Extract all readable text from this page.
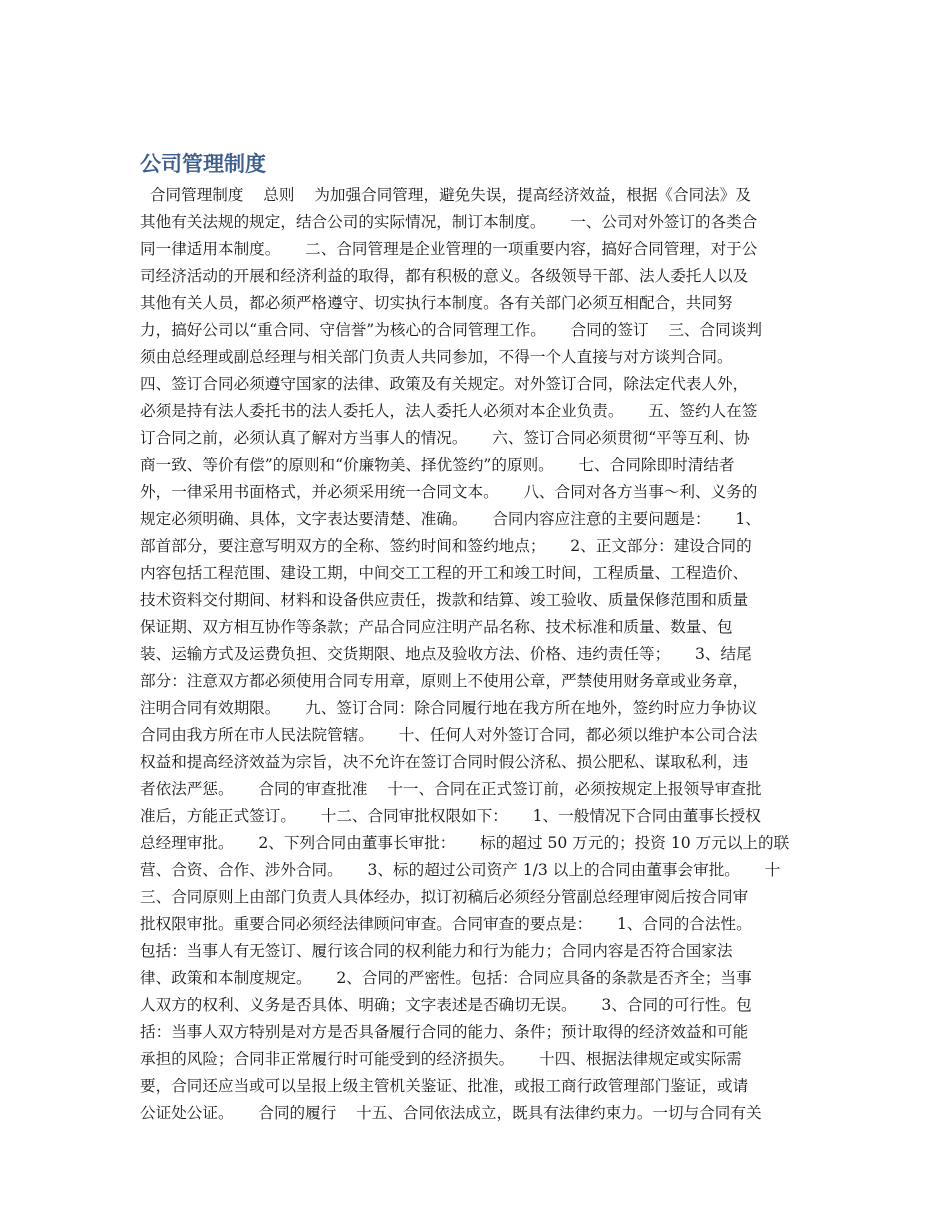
公司管理制度
合同管理制度    总则    为加强合同管理，避免失误，提高经济效益，根据《合同法》及
其他有关法规的规定，结合公司的实际情况，制订本制度。     一、公司对外签订的各类合
同一律适用本制度。     二、合同管理是企业管理的一项重要内容，搞好合同管理，对于公
司经济活动的开展和经济利益的取得，都有积极的意义。各级领导干部、法人委托人以及
其他有关人员，都必须严格遵守、切实执行本制度。各有关部门必须互相配合，共同努
力，搞好公司以“重合同、守信誉”为核心的合同管理工作。     合同的签订    三、合同谈判
须由总经理或副总经理与相关部门负责人共同参加，不得一个人直接与对方谈判合同。
四、签订合同必须遵守国家的法律、政策及有关规定。对外签订合同，除法定代表人外，
必须是持有法人委托书的法人委托人，法人委托人必须对本企业负责。     五、签约人在签
订合同之前，必须认真了解对方当事人的情况。     六、签订合同必须贯彻“平等互利、协
商一致、等价有偿”的原则和“价廉物美、择优签约”的原则。     七、合同除即时清结者
外，一律采用书面格式，并必须采用统一合同文本。     八、合同对各方当事～利、义务的
规定必须明确、具体，文字表达要清楚、准确。     合同内容应注意的主要问题是：     1、
部首部分，要注意写明双方的全称、签约时间和签约地点；     2、正文部分：建设合同的
内容包括工程范围、建设工期，中间交工工程的开工和竣工时间，工程质量、工程造价、
技术资料交付期间、材料和设备供应责任，拨款和结算、竣工验收、质量保修范围和质量
保证期、双方相互协作等条款；产品合同应注明产品名称、技术标准和质量、数量、包
装、运输方式及运费负担、交货期限、地点及验收方法、价格、违约责任等；     3、结尾
部分：注意双方都必须使用合同专用章，原则上不使用公章，严禁使用财务章或业务章，
注明合同有效期限。     九、签订合同：除合同履行地在我方所在地外，签约时应力争协议
合同由我方所在市人民法院管辖。     十、任何人对外签订合同，都必须以维护本公司合法
权益和提高经济效益为宗旨，决不允许在签订合同时假公济私、损公肥私、谋取私利，违
者依法严惩。     合同的审查批准    十一、合同在正式签订前，必须按规定上报领导审查批
准后，方能正式签订。     十二、合同审批权限如下：     1、一般情况下合同由董事长授权
总经理审批。     2、下列合同由董事长审批：     标的超过 50 万元的；投资 10 万元以上的联
营、合资、合作、涉外合同。     3、标的超过公司资产 1/3 以上的合同由董事会审批。     十
三、合同原则上由部门负责人具体经办，拟订初稿后必须经分管副总经理审阅后按合同审
批权限审批。重要合同必须经法律顾问审查。合同审查的要点是：     1、合同的合法性。
包括：当事人有无签订、履行该合同的权利能力和行为能力；合同内容是否符合国家法
律、政策和本制度规定。     2、合同的严密性。包括：合同应具备的条款是否齐全；当事
人双方的权利、义务是否具体、明确；文字表述是否确切无误。     3、合同的可行性。包
括：当事人双方特别是对方是否具备履行合同的能力、条件；预计取得的经济效益和可能
承担的风险；合同非正常履行时可能受到的经济损失。     十四、根据法律规定或实际需
要，合同还应当或可以呈报上级主管机关鉴证、批准，或报工商行政管理部门鉴证，或请
公证处公证。     合同的履行    十五、合同依法成立，既具有法律约束力。一切与合同有关
